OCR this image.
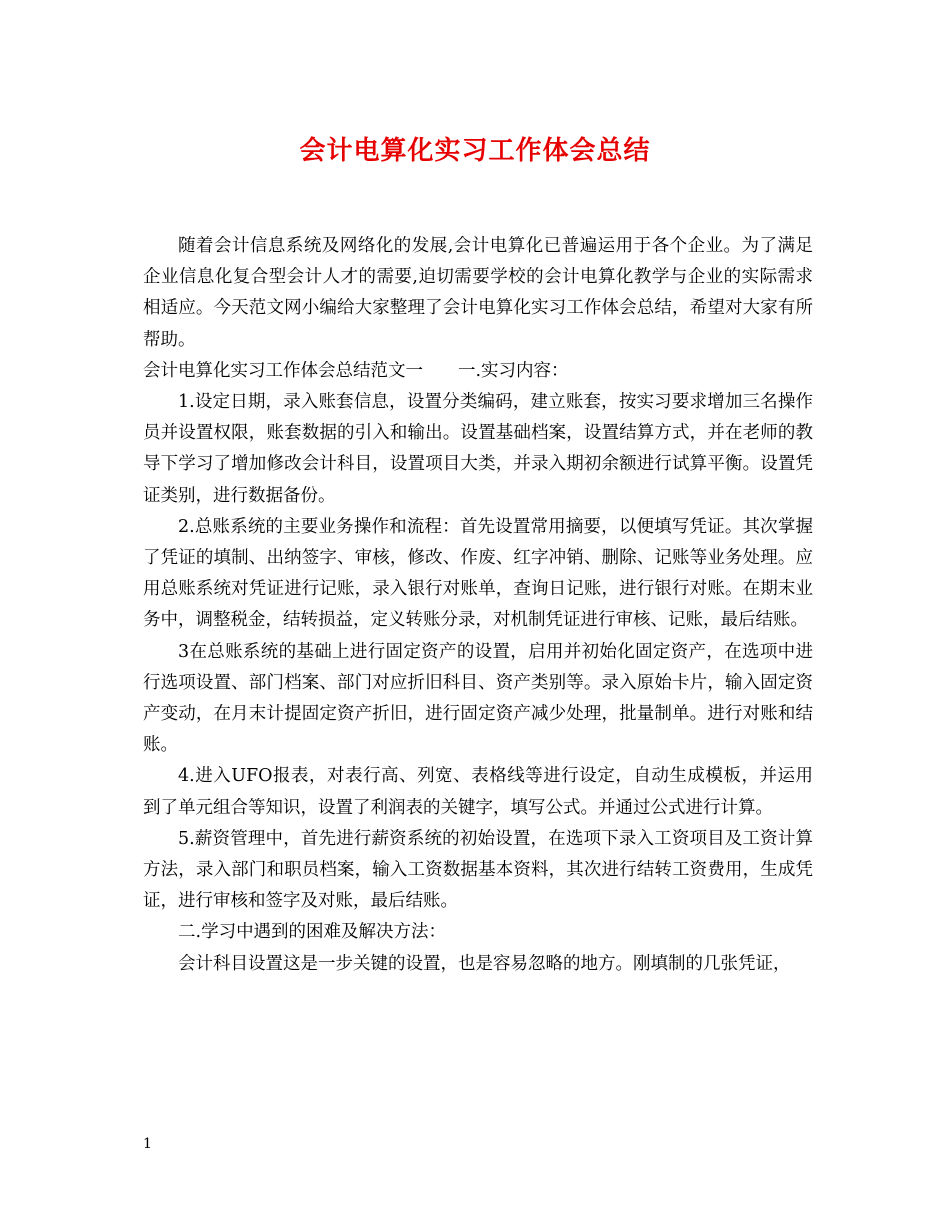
会计电算化实习工作体会总结

随着会计信息系统及网络化的发展,会计电算化已普遍运用于各个企业。为了满足企业信息化复合型会计人才的需要,迫切需要学校的会计电算化教学与企业的实际需求相适应。今天范文网小编给大家整理了会计电算化实习工作体会总结，希望对大家有所帮助。

会计电算化实习工作体会总结范文一　　一.实习内容：

1.设定日期，录入账套信息，设置分类编码，建立账套，按实习要求增加三名操作员并设置权限，账套数据的引入和输出。设置基础档案，设置结算方式，并在老师的教导下学习了增加修改会计科目，设置项目大类，并录入期初余额进行试算平衡。设置凭证类别，进行数据备份。

2.总账系统的主要业务操作和流程：首先设置常用摘要，以便填写凭证。其次掌握了凭证的填制、出纳签字、审核，修改、作废、红字冲销、删除、记账等业务处理。应用总账系统对凭证进行记账，录入银行对账单，查询日记账，进行银行对账。在期末业务中，调整税金，结转损益，定义转账分录，对机制凭证进行审核、记账，最后结账。

3在总账系统的基础上进行固定资产的设置，启用并初始化固定资产，在选项中进行选项设置、部门档案、部门对应折旧科目、资产类别等。录入原始卡片，输入固定资产变动，在月末计提固定资产折旧，进行固定资产减少处理，批量制单。进行对账和结账。

4.进入UFO报表，对表行高、列宽、表格线等进行设定，自动生成模板，并运用到了单元组合等知识，设置了利润表的关键字，填写公式。并通过公式进行计算。

5.薪资管理中，首先进行薪资系统的初始设置，在选项下录入工资项目及工资计算方法，录入部门和职员档案，输入工资数据基本资料，其次进行结转工资费用，生成凭证，进行审核和签字及对账，最后结账。

二.学习中遇到的困难及解决方法：

会计科目设置这是一步关键的设置，也是容易忽略的地方。刚填制的几张凭证，

1
